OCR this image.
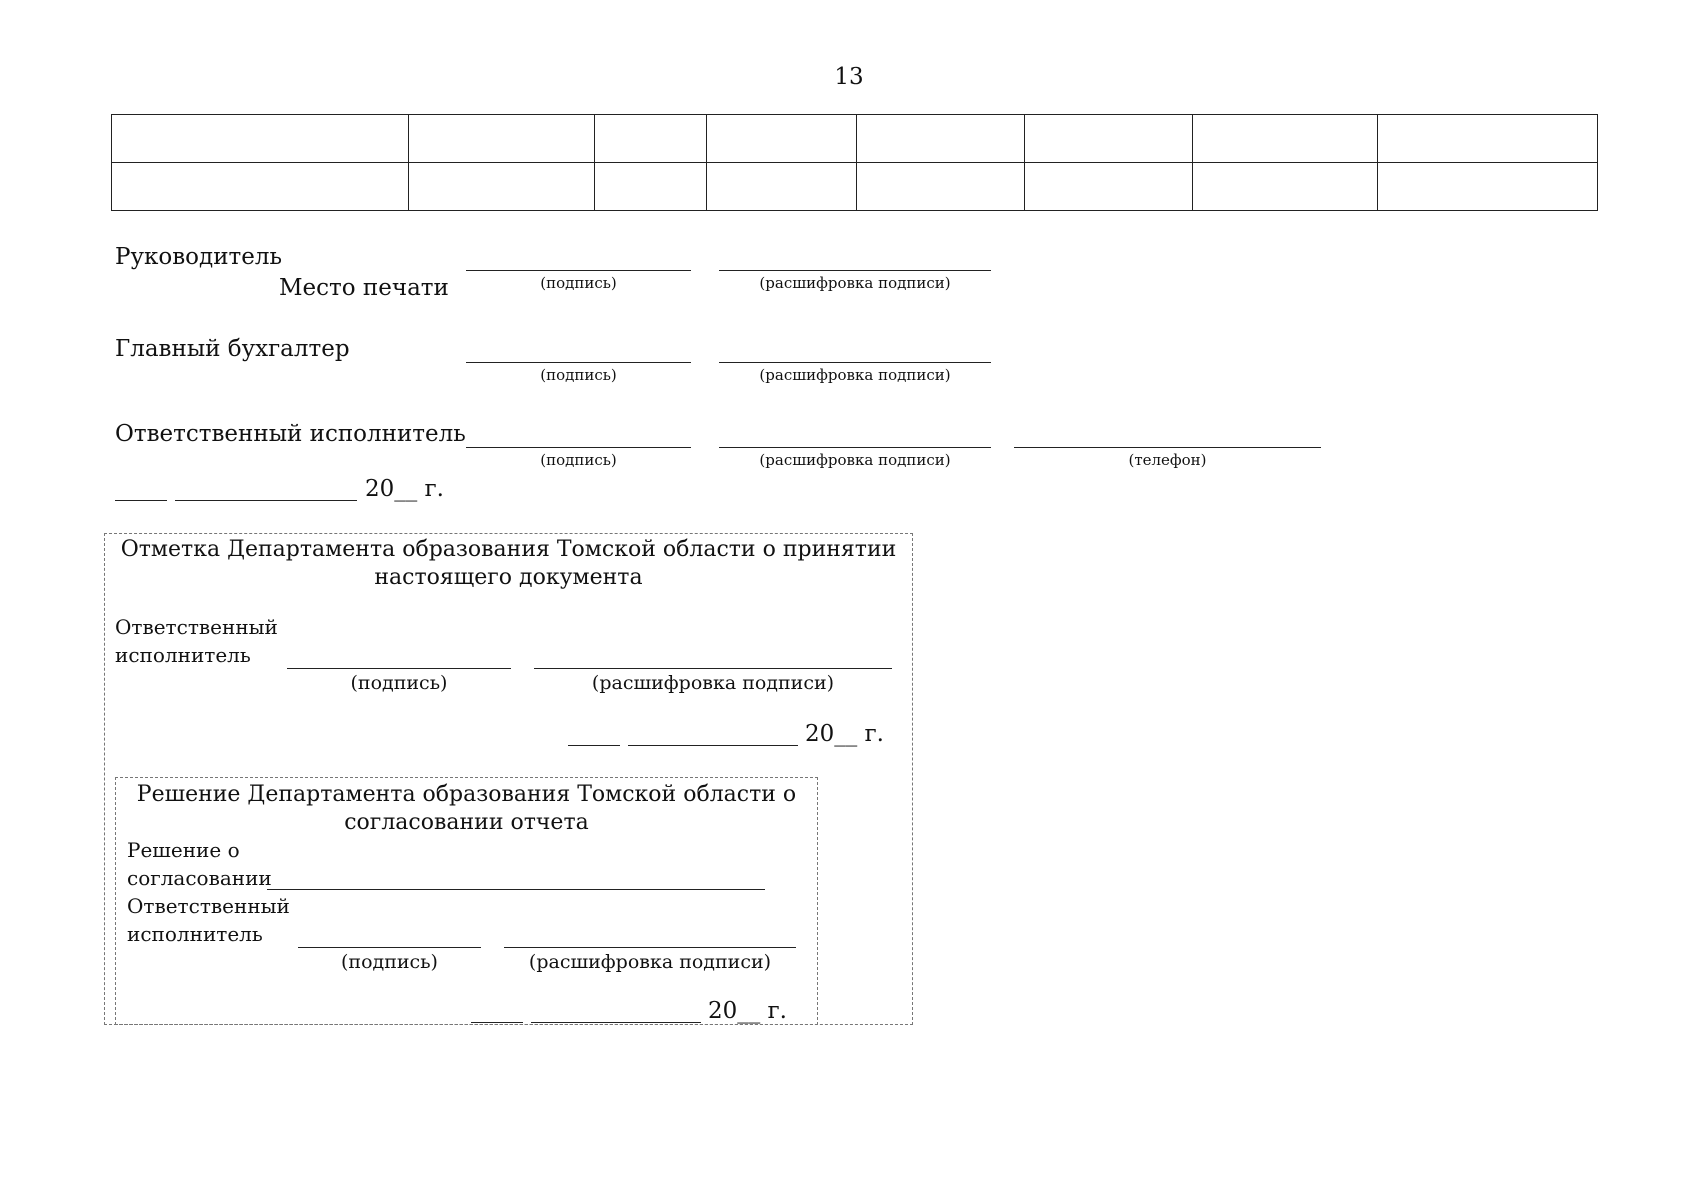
13

Руководитель
Место печати	(подпись)	(расшифровка подписи)
Главный бухгалтер
(подпись)	(расшифровка подписи)
Ответственный исполнитель
(подпись)	(расшифровка подписи)	(телефон)
20__ г.
Отметка Департамента образования Томской области о принятии
настоящего документа
Ответственный
исполнитель
(подпись)	(расшифровка подписи)
20__ г.
Решение Департамента образования Томской области о
согласовании отчета
Решение о
согласовании
Ответственный
исполнитель
(подпись)	(расшифровка подписи)
20__ г.
